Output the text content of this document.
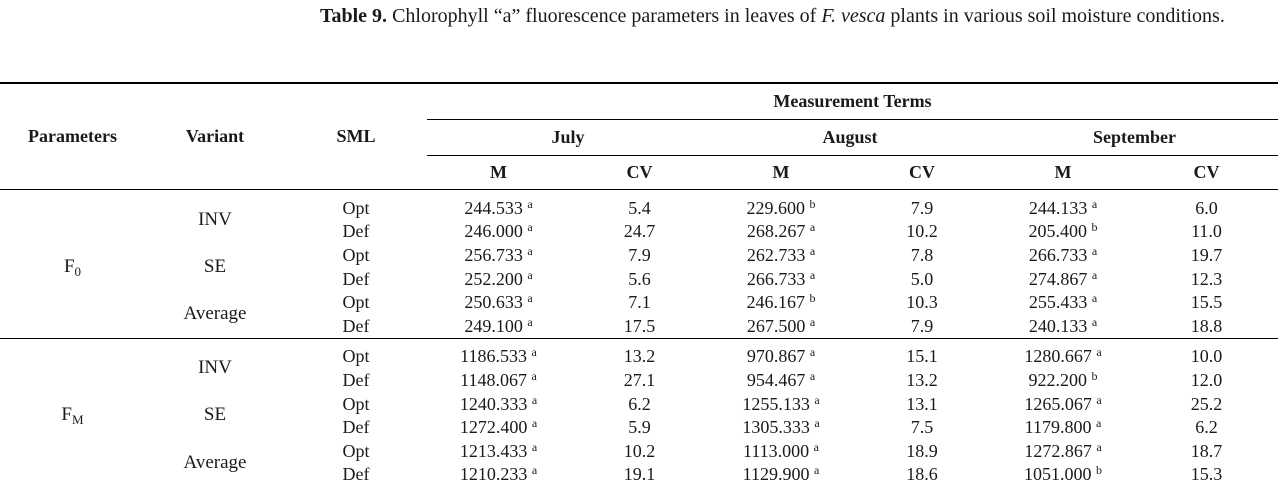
Table 9. Chlorophyll “a” fluorescence parameters in leaves of F. vesca plants in various soil moisture conditions.
Parameters	Variant	SML	Measurement Terms					
			July		August		September	
			M	CV	M	CV	M	CV
$F_0$	INV	Opt	244.533 $^a$	5.4	229.600 $^b$	7.9	244.133 $^a$	6.0
		Def	246.000 $^a$	24.7	268.267 $^a$	10.2	205.400 $^b$	11.0
	SE	Opt	256.733 $^a$	7.9	262.733 $^a$	7.8	266.733 $^a$	19.7
		Def	252.200 $^a$	5.6	266.733 $^a$	5.0	274.867 $^a$	12.3
	Average	Opt	250.633 $^a$	7.1	246.167 $^b$	10.3	255.433 $^a$	15.5
		Def	249.100 $^a$	17.5	267.500 $^a$	7.9	240.133 $^a$	18.8
$F_M$	INV	Opt	1186.533 $^a$	13.2	970.867 $^a$	15.1	1280.667 $^a$	10.0
		Def	1148.067 $^a$	27.1	954.467 $^a$	13.2	922.200 $^b$	12.0
	SE	Opt	1240.333 $^a$	6.2	1255.133 $^a$	13.1	1265.067 $^a$	25.2
		Def	1272.400 $^a$	5.9	1305.333 $^a$	7.5	1179.800 $^a$	6.2
	Average	Opt	1213.433 $^a$	10.2	1113.000 $^a$	18.9	1272.867 $^a$	18.7
		Def	1210.233 $^a$	19.1	1129.900 $^a$	18.6	1051.000 $^b$	15.3
